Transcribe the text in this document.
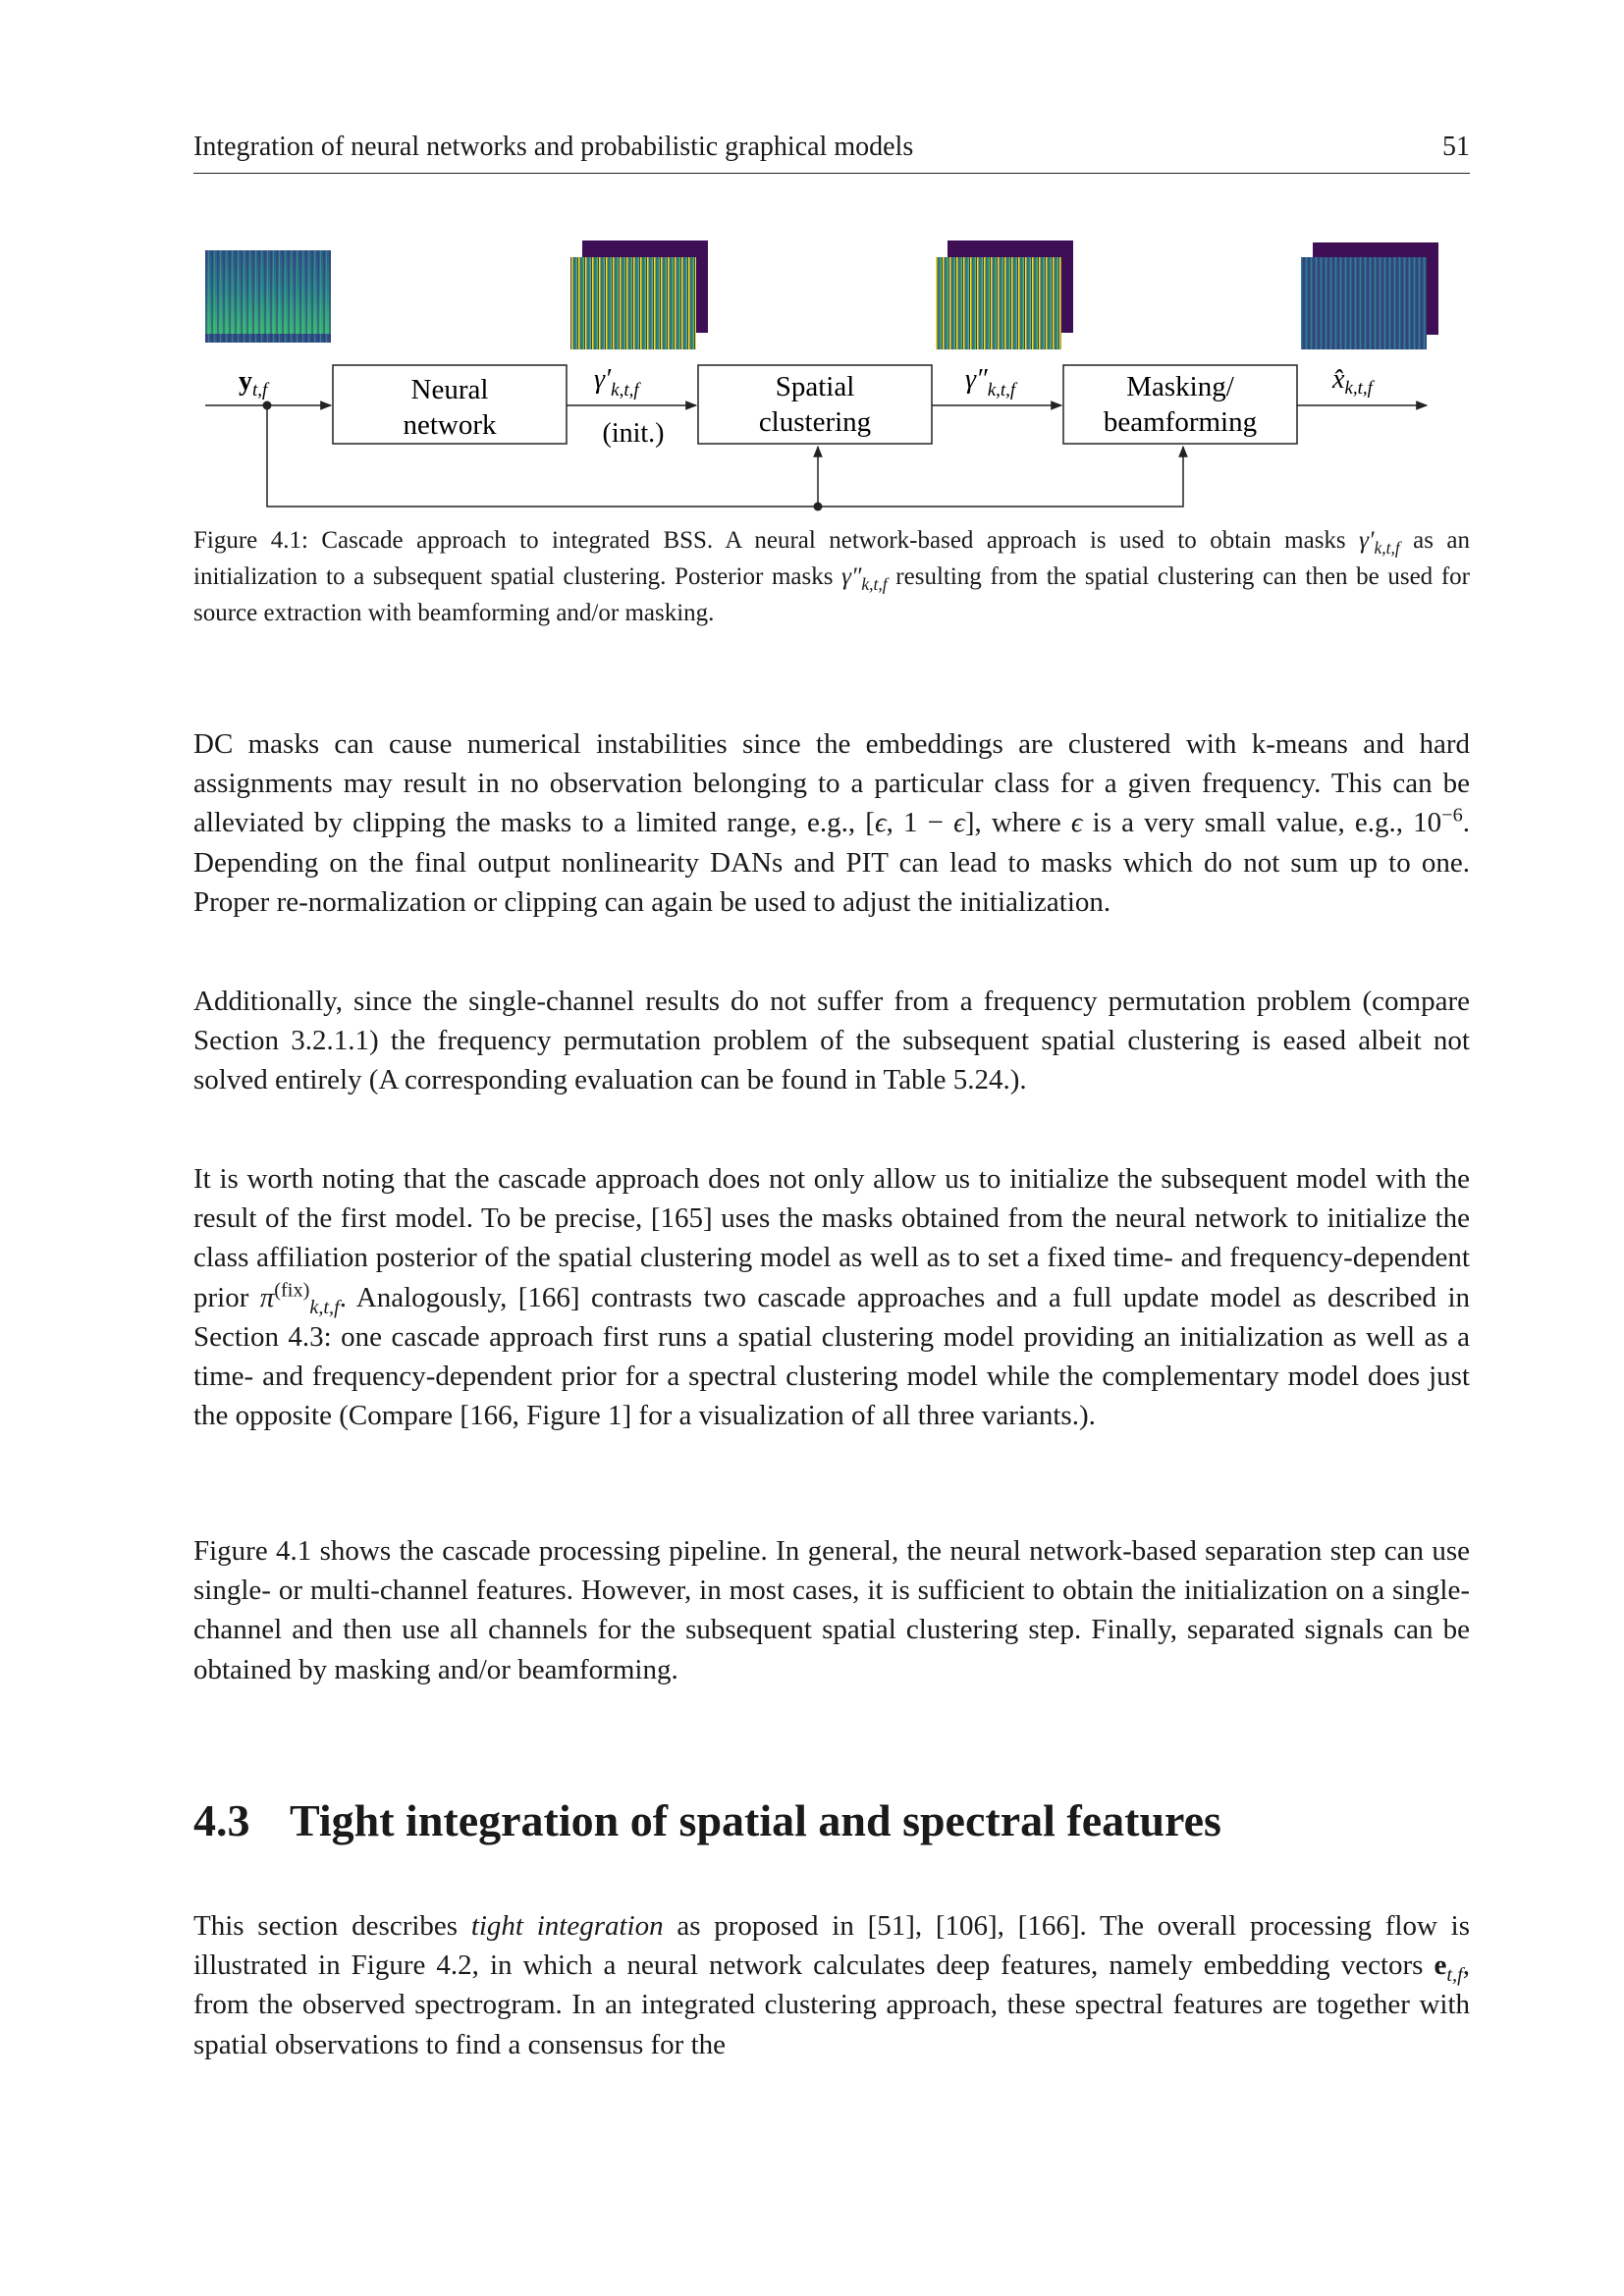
Integration of neural networks and probabilistic graphical models	51
Neural
network
Spatial
clustering
Masking/
beamforming
$y_{t,f}$	$\gamma'_{k,t,f}$
(init.)
$\gamma''_{k,t,f}$	$x̂_{k,t,f}$
Figure 4.1: Cascade approach to integrated BSS. A neural network-based approach is used to obtain masks $\gamma'_{k,t,f}$ as an initialization to a subsequent spatial clustering. Posterior masks $\gamma''_{k,t,f}$ resulting from the spatial clustering can then be used for source extraction with beamforming and/or masking.

DC masks can cause numerical instabilities since the embeddings are clustered with k-means and hard assignments may result in no observation belonging to a particular class for a given frequency. This can be alleviated by clipping the masks to a limited range, e.g., [ϵ, 1 − ϵ], where ϵ is a very small value, e.g., $10^{-6}$. Depending on the final output nonlinearity DANs and PIT can lead to masks which do not sum up to one. Proper re-normalization or clipping can again be used to adjust the initialization.

Additionally, since the single-channel results do not suffer from a frequency permutation problem (compare Section 3.2.1.1) the frequency permutation problem of the subsequent spatial clustering is eased albeit not solved entirely (A corresponding evaluation can be found in Table 5.24.).

It is worth noting that the cascade approach does not only allow us to initialize the subsequent model with the result of the first model. To be precise, [165] uses the masks obtained from the neural network to initialize the class affiliation posterior of the spatial clustering model as well as to set a fixed time- and frequency-dependent prior $\pi^{(fix)}_{k,t,f}$. Analogously, [166] contrasts two cascade approaches and a full update model as described in Section 4.3: one cascade approach first runs a spatial clustering model providing an initialization as well as a time- and frequency-dependent prior for a spectral clustering model while the complementary model does just the opposite (Compare [166, Figure 1] for a visualization of all three variants.).

Figure 4.1 shows the cascade processing pipeline. In general, the neural network-based separation step can use single- or multi-channel features. However, in most cases, it is sufficient to obtain the initialization on a single-channel and then use all channels for the subsequent spatial clustering step. Finally, separated signals can be obtained by masking and/or beamforming.

4.3 Tight integration of spatial and spectral features

This section describes tight integration as proposed in [51], [106], [166]. The overall processing flow is illustrated in Figure 4.2, in which a neural network calculates deep features, namely embedding vectors $e_{t,f}$, from the observed spectrogram. In an integrated clustering approach, these spectral features are together with spatial observations to find a consensus for the
